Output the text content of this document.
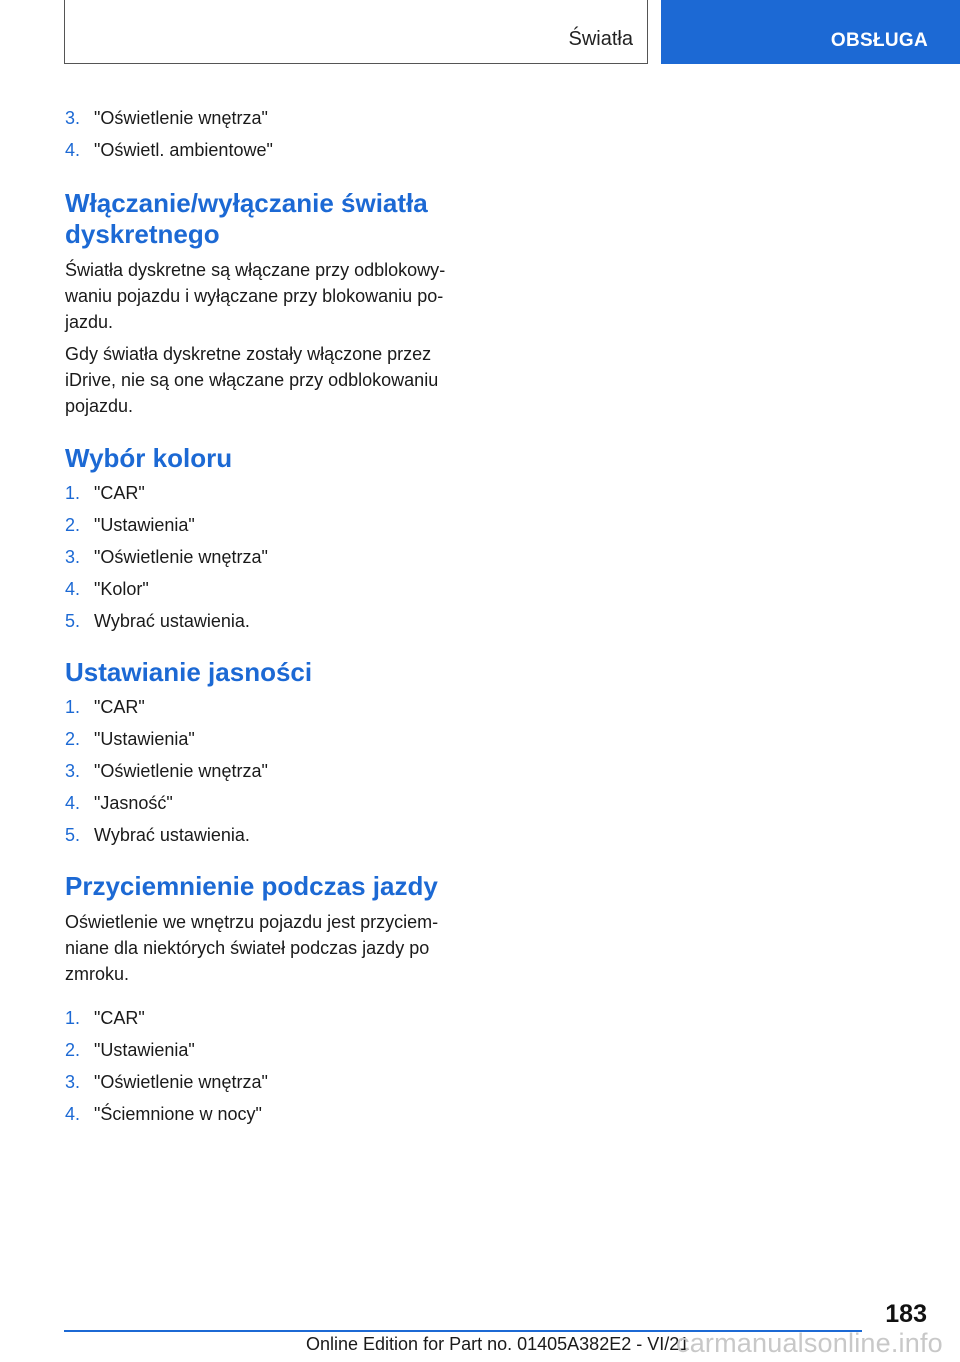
Światła	OBSŁUGA
3. "Oświetlenie wnętrza"
4. "Oświetl. ambientowe"
Włączanie/wyłączanie światła dyskretnego

Światła dyskretne są włączane przy odblokowywaniu pojazdu i wyłączane przy blokowaniu pojazdu.

Gdy światła dyskretne zostały włączone przez iDrive, nie są one włączane przy odblokowaniu pojazdu.

Wybór koloru
1. "CAR"
2. "Ustawienia"
3. "Oświetlenie wnętrza"
4. "Kolor"
5. Wybrać ustawienia.
Ustawianie jasności
1. "CAR"
2. "Ustawienia"
3. "Oświetlenie wnętrza"
4. "Jasność"
5. Wybrać ustawienia.
Przyciemnienie podczas jazdy

Oświetlenie we wnętrzu pojazdu jest przyciemniane dla niektórych świateł podczas jazdy po zmroku.

1. "CAR"
2. "Ustawienia"
3. "Oświetlenie wnętrza"
4. "Ściemnione w nocy"
183
Online Edition for Part no. 01405A382E2 - VI/21
carmanualsonline.info
